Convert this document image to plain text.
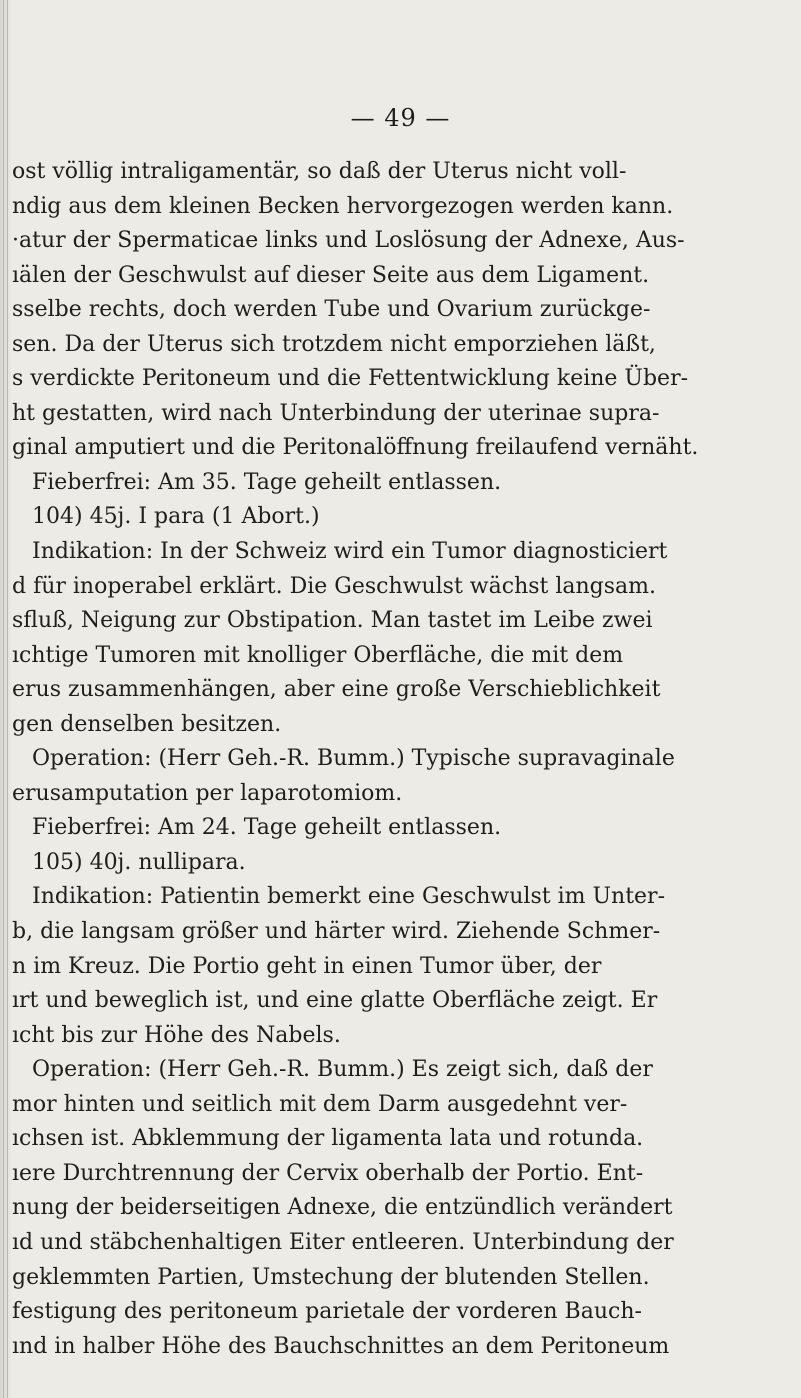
— 49 —
ost völlig intraligamentär, so daß der Uterus nicht voll-
ndig aus dem kleinen Becken hervorgezogen werden kann.
·atur der Spermaticae links und Loslösung der Adnexe, Aus-
ıälen der Geschwulst auf dieser Seite aus dem Ligament.
sselbe rechts, doch werden Tube und Ovarium zurückge-
sen. Da der Uterus sich trotzdem nicht emporziehen läßt,
s verdickte Peritoneum und die Fettentwicklung keine Über-
ht gestatten, wird nach Unterbindung der uterinae supra-
ginal amputiert und die Peritonalöffnung freilaufend vernäht.
Fieberfrei: Am 35. Tage geheilt entlassen.
104) 45j. I para (1 Abort.)
Indikation: In der Schweiz wird ein Tumor diagnosticiert
d für inoperabel erklärt. Die Geschwulst wächst langsam.
sfluß, Neigung zur Obstipation. Man tastet im Leibe zwei
ıchtige Tumoren mit knolliger Oberfläche, die mit dem
erus zusammenhängen, aber eine große Verschieblichkeit
gen denselben besitzen.
Operation: (Herr Geh.-R. Bumm.) Typische supravaginale
erusamputation per laparotomiom.
Fieberfrei: Am 24. Tage geheilt entlassen.
105) 40j. nullipara.
Indikation: Patientin bemerkt eine Geschwulst im Unter-
b, die langsam größer und härter wird. Ziehende Schmer-
n im Kreuz. Die Portio geht in einen Tumor über, der
ırt und beweglich ist, und eine glatte Oberfläche zeigt. Er
ıcht bis zur Höhe des Nabels.
Operation: (Herr Geh.-R. Bumm.) Es zeigt sich, daß der
mor hinten und seitlich mit dem Darm ausgedehnt ver-
ıchsen ist. Abklemmung der ligamenta lata und rotunda.
ıere Durchtrennung der Cervix oberhalb der Portio. Ent-
nung der beiderseitigen Adnexe, die entzündlich verändert
ıd und stäbchenhaltigen Eiter entleeren. Unterbindung der
geklemmten Partien, Umstechung der blutenden Stellen.
festigung des peritoneum parietale der vorderen Bauch-
ınd in halber Höhe des Bauchschnittes an dem Peritoneum
